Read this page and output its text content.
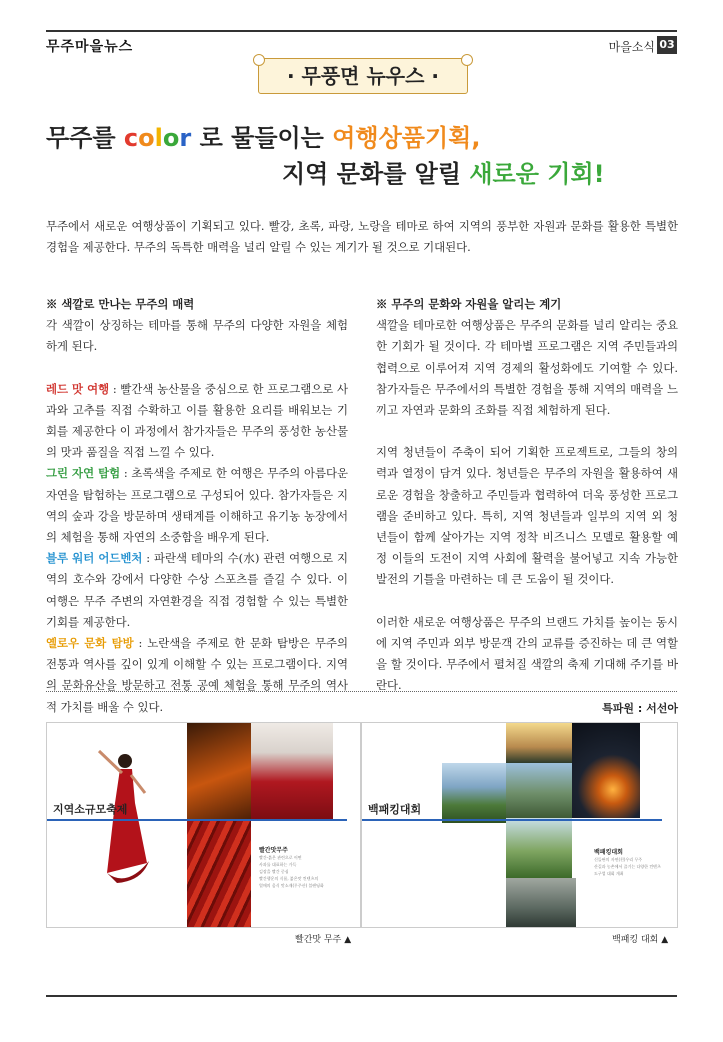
무주마을뉴스	마을소식 03
· 무풍면 뉴우스 ·
무주를 color 로 물들이는 여행상품기획,
지역 문화를 알릴 새로운 기회!
무주에서 새로운 여행상품이 기획되고 있다. 빨강, 초록, 파랑, 노랑을 테마로 하여 지역의 풍부한 자원과 문화를 활용한 특별한 경험을 제공한다. 무주의 독특한 매력을 널리 알릴 수 있는 계기가 될 것으로 기대된다.

※ 색깔로 만나는 무주의 매력

각 색깔이 상징하는 테마를 통해 무주의 다양한 자원을 체험하게 된다.

레드 맛 여행 : 빨간색 농산물을 중심으로 한 프로그램으로 사과와 고추를 직접 수확하고 이를 활용한 요리를 배워보는 기회를 제공한다 이 과정에서 참가자들은 무주의 풍성한 농산물의 맛과 품질을 직접 느낄 수 있다.

그린 자연 탐험 : 초록색을 주제로 한 여행은 무주의 아름다운 자연을 탐험하는 프로그램으로 구성되어 있다. 참가자들은 지역의 숲과 강을 방문하며 생태계를 이해하고 유기농 농장에서의 체험을 통해 자연의 소중함을 배우게 된다.

블루 워터 어드벤처 : 파란색 테마의 수(水) 관련 여행으로 지역의 호수와 강에서 다양한 수상 스포츠를 즐길 수 있다. 이 여행은 무주 주변의 자연환경을 직접 경험할 수 있는 특별한 기회를 제공한다.

옐로우 문화 탐방 : 노란색을 주제로 한 문화 탐방은 무주의 전통과 역사를 깊이 있게 이해할 수 있는 프로그램이다. 지역의 문화유산을 방문하고 전통 공예 체험을 통해 무주의 역사적 가치를 배울 수 있다.

※ 무주의 문화와 자원을 알리는 계기

색깔을 테마로한 여행상품은 무주의 문화를 널리 알리는 중요한 기회가 될 것이다. 각 테마별 프로그램은 지역 주민들과의 협력으로 이루어져 지역 경제의 활성화에도 기여할 수 있다. 참가자들은 무주에서의 특별한 경험을 통해 지역의 매력을 느끼고 자연과 문화의 조화를 직접 체험하게 된다.

지역 청년들이 주축이 되어 기획한 프로젝트로, 그들의 창의력과 열정이 담겨 있다. 청년들은 무주의 자원을 활용하여 새로운 경험을 창출하고 주민들과 협력하여 더욱 풍성한 프로그램을 준비하고 있다. 특히, 지역 청년들과 일부의 지역 외 청년들이 함께 살아가는 지역 정착 비즈니스 모델로 활용할 예정 이들의 도전이 지역 사회에 활력을 불어넣고 지속 가능한 발전의 기틀을 마련하는 데 큰 도움이 될 것이다.

이러한 새로운 여행상품은 무주의 브랜드 가치를 높이는 동시에 지역 주민과 외부 방문객 간의 교류를 증진하는 데 큰 역할을 할 것이다. 무주에서 펼쳐질 색깔의 축제 기대해 주기를 바란다.

특파원 : 서선아
지역소규모축제
빨간맛무주
빨간-붉은 관련으로 어떤
사과를 대표하는 가득
김장을 빨간 중심
빨간행운의 식품, 붉은맛 컨텐츠의
열매의 음식 맛소재(무주산) 블랜딩화
백패킹대회
백패킹대회
신들판의 자연(친)우리 무주
산길과 농촌에서 즐기는 다양한 컨텐츠
도구업 대회 개최
빨간맛 무주 ▲	백패킹 대회 ▲
